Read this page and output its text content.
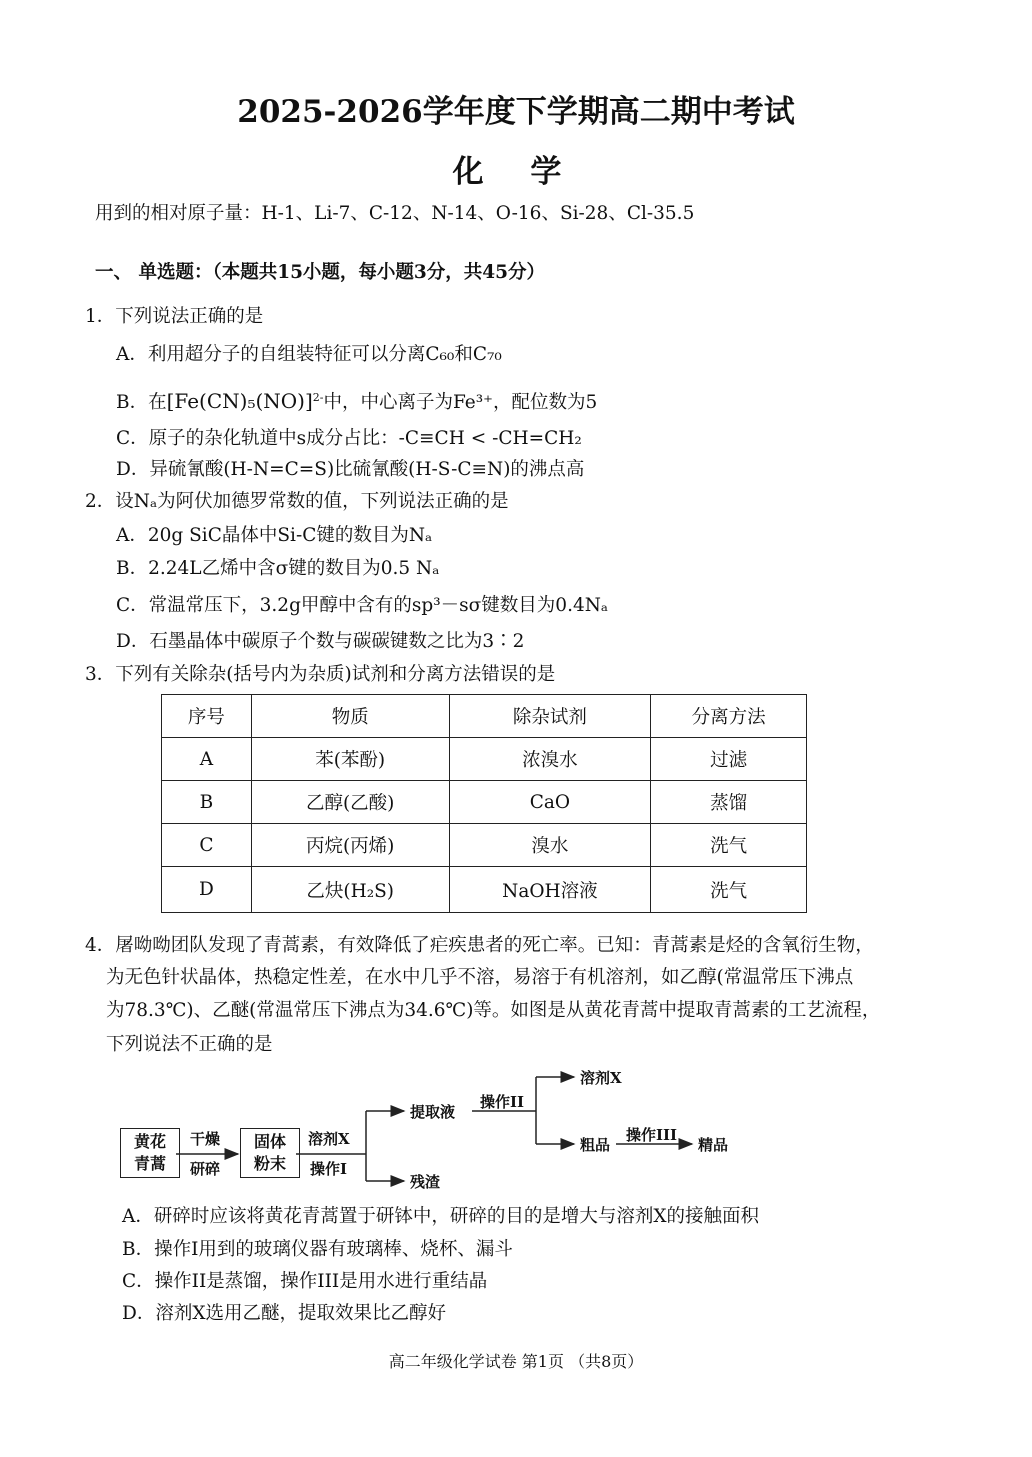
2025-2026学年度下学期高二期中考试
化 学
用到的相对原子量：H-1、Li-7、C-12、N-14、O-16、Si-28、Cl-35.5
一、 单选题：（本题共15小题，每小题3分，共45分）
1．下列说法正确的是
A．利用超分子的自组装特征可以分离C₆₀和C₇₀
B．在$[Fe(CN)_5(NO)]^{2-}$中，中心离子为Fe³⁺，配位数为5
C．原子的杂化轨道中s成分占比：-C≡CH < -CH=CH₂
D．异硫氰酸(H-N=C=S)比硫氰酸(H-S-C≡N)的沸点高
2．设Nₐ为阿伏加德罗常数的值，下列说法正确的是
A．20g SiC晶体中Si-C键的数目为Nₐ
B．2.24L乙烯中含σ键的数目为0.5 Nₐ
C．常温常压下，3.2g甲醇中含有的sp³－sσ键数目为0.4Nₐ
D．石墨晶体中碳原子个数与碳碳键数之比为3∶2
3．下列有关除杂(括号内为杂质)试剂和分离方法错误的是
序号	物质	除杂试剂	分离方法
A	苯(苯酚)	浓溴水	过滤
B	乙醇(乙酸)	CaO	蒸馏
C	丙烷(丙烯)	溴水	洗气
D	乙炔(H₂S)	NaOH溶液	洗气
4．屠呦呦团队发现了青蒿素，有效降低了疟疾患者的死亡率。已知：青蒿素是烃的含氧衍生物，
为无色针状晶体，热稳定性差，在水中几乎不溶，易溶于有机溶剂，如乙醇(常温常压下沸点
为78.3℃)、乙醚(常温常压下沸点为34.6℃)等。如图是从黄花青蒿中提取青蒿素的工艺流程，
下列说法不正确的是
黄花
青蒿
干燥
研碎
固体
粉末
溶剂X
操作I
提取液
残渣
操作II
溶剂X
粗品
操作III
精品
A．研碎时应该将黄花青蒿置于研钵中，研碎的目的是增大与溶剂X的接触面积
B．操作I用到的玻璃仪器有玻璃棒、烧杯、漏斗
C．操作II是蒸馏，操作III是用水进行重结晶
D．溶剂X选用乙醚，提取效果比乙醇好
高二年级化学试卷 第1页 （共8页）
